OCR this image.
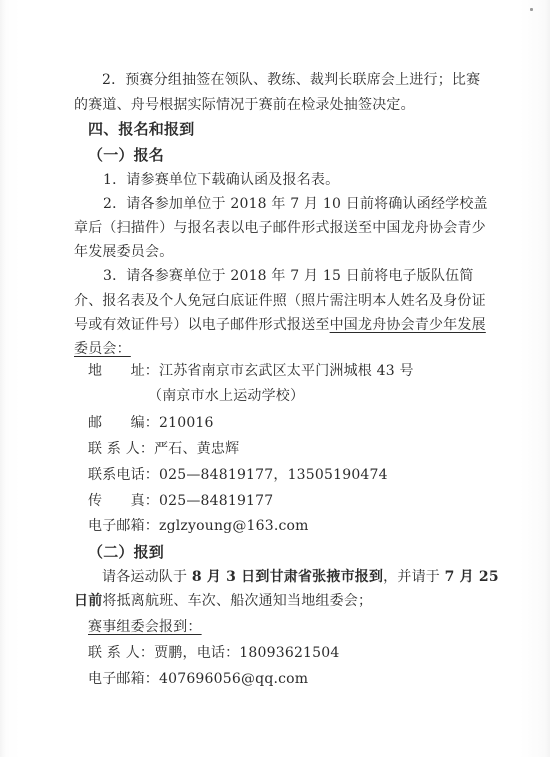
2．预赛分组抽签在领队、教练、裁判长联席会上进行；比赛
的赛道、舟号根据实际情况于赛前在检录处抽签决定。
四、报名和报到
（一）报名
1．请参赛单位下载确认函及报名表。
2．请各参加单位于 2018 年 7 月 10 日前将确认函经学校盖
章后（扫描件）与报名表以电子邮件形式报送至中国龙舟协会青少
年发展委员会。
3．请各参赛单位于 2018 年 7 月 15 日前将电子版队伍简
介、报名表及个人免冠白底证件照（照片需注明本人姓名及身份证
号或有效证件号）以电子邮件形式报送至中国龙舟协会青少年发展
委员会：
地　　址：江苏省南京市玄武区太平门洲城根 43 号
（南京市水上运动学校）
邮　　编：210016
联 系 人：严石、黄忠辉
联系电话：025—84819177，13505190474
传　　真：025—84819177
电子邮箱：zglzyoung@163.com
（二）报到
请各运动队于 8 月 3 日到甘肃省张掖市报到，并请于 7 月 25
日前将抵离航班、车次、船次通知当地组委会；
赛事组委会报到：
联 系 人：贾鹏，电话：18093621504
电子邮箱：407696056@qq.com
